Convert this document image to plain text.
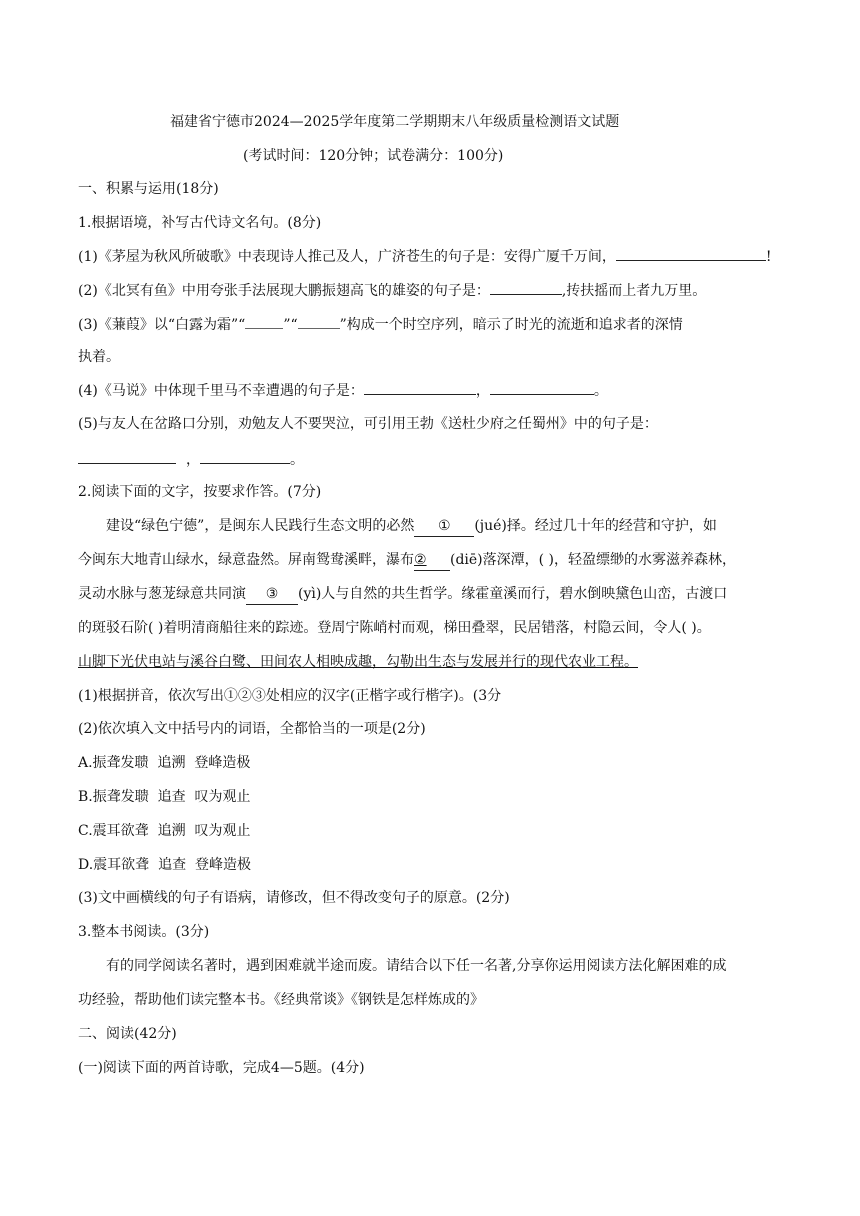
福建省宁德市2024—2025学年度第二学期期末八年级质量检测语文试题
(考试时间：120分钟；试卷满分：100分)
一、积累与运用(18分)
1.根据语境，补写古代诗文名句。(8分)
(1)《茅屋为秋风所破歌》中表现诗人推己及人，广济苍生的句子是：安得广厦千万间，	!
(2)《北冥有鱼》中用夸张手法展现大鹏振翅高飞的雄姿的句子是：	,抟扶摇而上者九万里。
(3)《蒹葭》以“白露为霜”“	”“	”构成一个时空序列，暗示了时光的流逝和追求者的深情
执着。
(4)《马说》中体现千里马不幸遭遇的句子是：	，	。
(5)与友人在岔路口分别，劝勉友人不要哭泣，可引用王勃《送杜少府之任蜀州》中的句子是：
，	。
2.阅读下面的文字，按要求作答。(7分)
建设“绿色宁德”，是闽东人民践行生态文明的必然 ① (jué)择。经过几十年的经营和守护，如
今闽东大地青山绿水，绿意盎然。屏南鸳鸯溪畔，瀑布② (diē)落深潭，( )，轻盈缥缈的水雾滋养森林，
灵动水脉与葱茏绿意共同演 ③ (yì)人与自然的共生哲学。缘霍童溪而行，碧水倒映黛色山峦，古渡口
的斑驳石阶( )着明清商船往来的踪迹。登周宁陈峭村而观，梯田叠翠，民居错落，村隐云间，令人( )。
山脚下光伏电站与溪谷白鹭、田间农人相映成趣，勾勒出生态与发展并行的现代农业工程。
(1)根据拼音，依次写出①②③处相应的汉字(正楷字或行楷字)。(3分
(2)依次填入文中括号内的词语，全都恰当的一项是(2分)
A.振聋发聩  追溯  登峰造极
B.振聋发聩  追查  叹为观止
C.震耳欲聋  追溯  叹为观止
D.震耳欲聋  追查  登峰造极
(3)文中画横线的句子有语病，请修改，但不得改变句子的原意。(2分)
3.整本书阅读。(3分)
有的同学阅读名著时，遇到困难就半途而废。请结合以下任一名著,分享你运用阅读方法化解困难的成
功经验，帮助他们读完整本书。《经典常谈》《钢铁是怎样炼成的》
二、阅读(42分)
(一)阅读下面的两首诗歌，完成4—5题。(4分)
